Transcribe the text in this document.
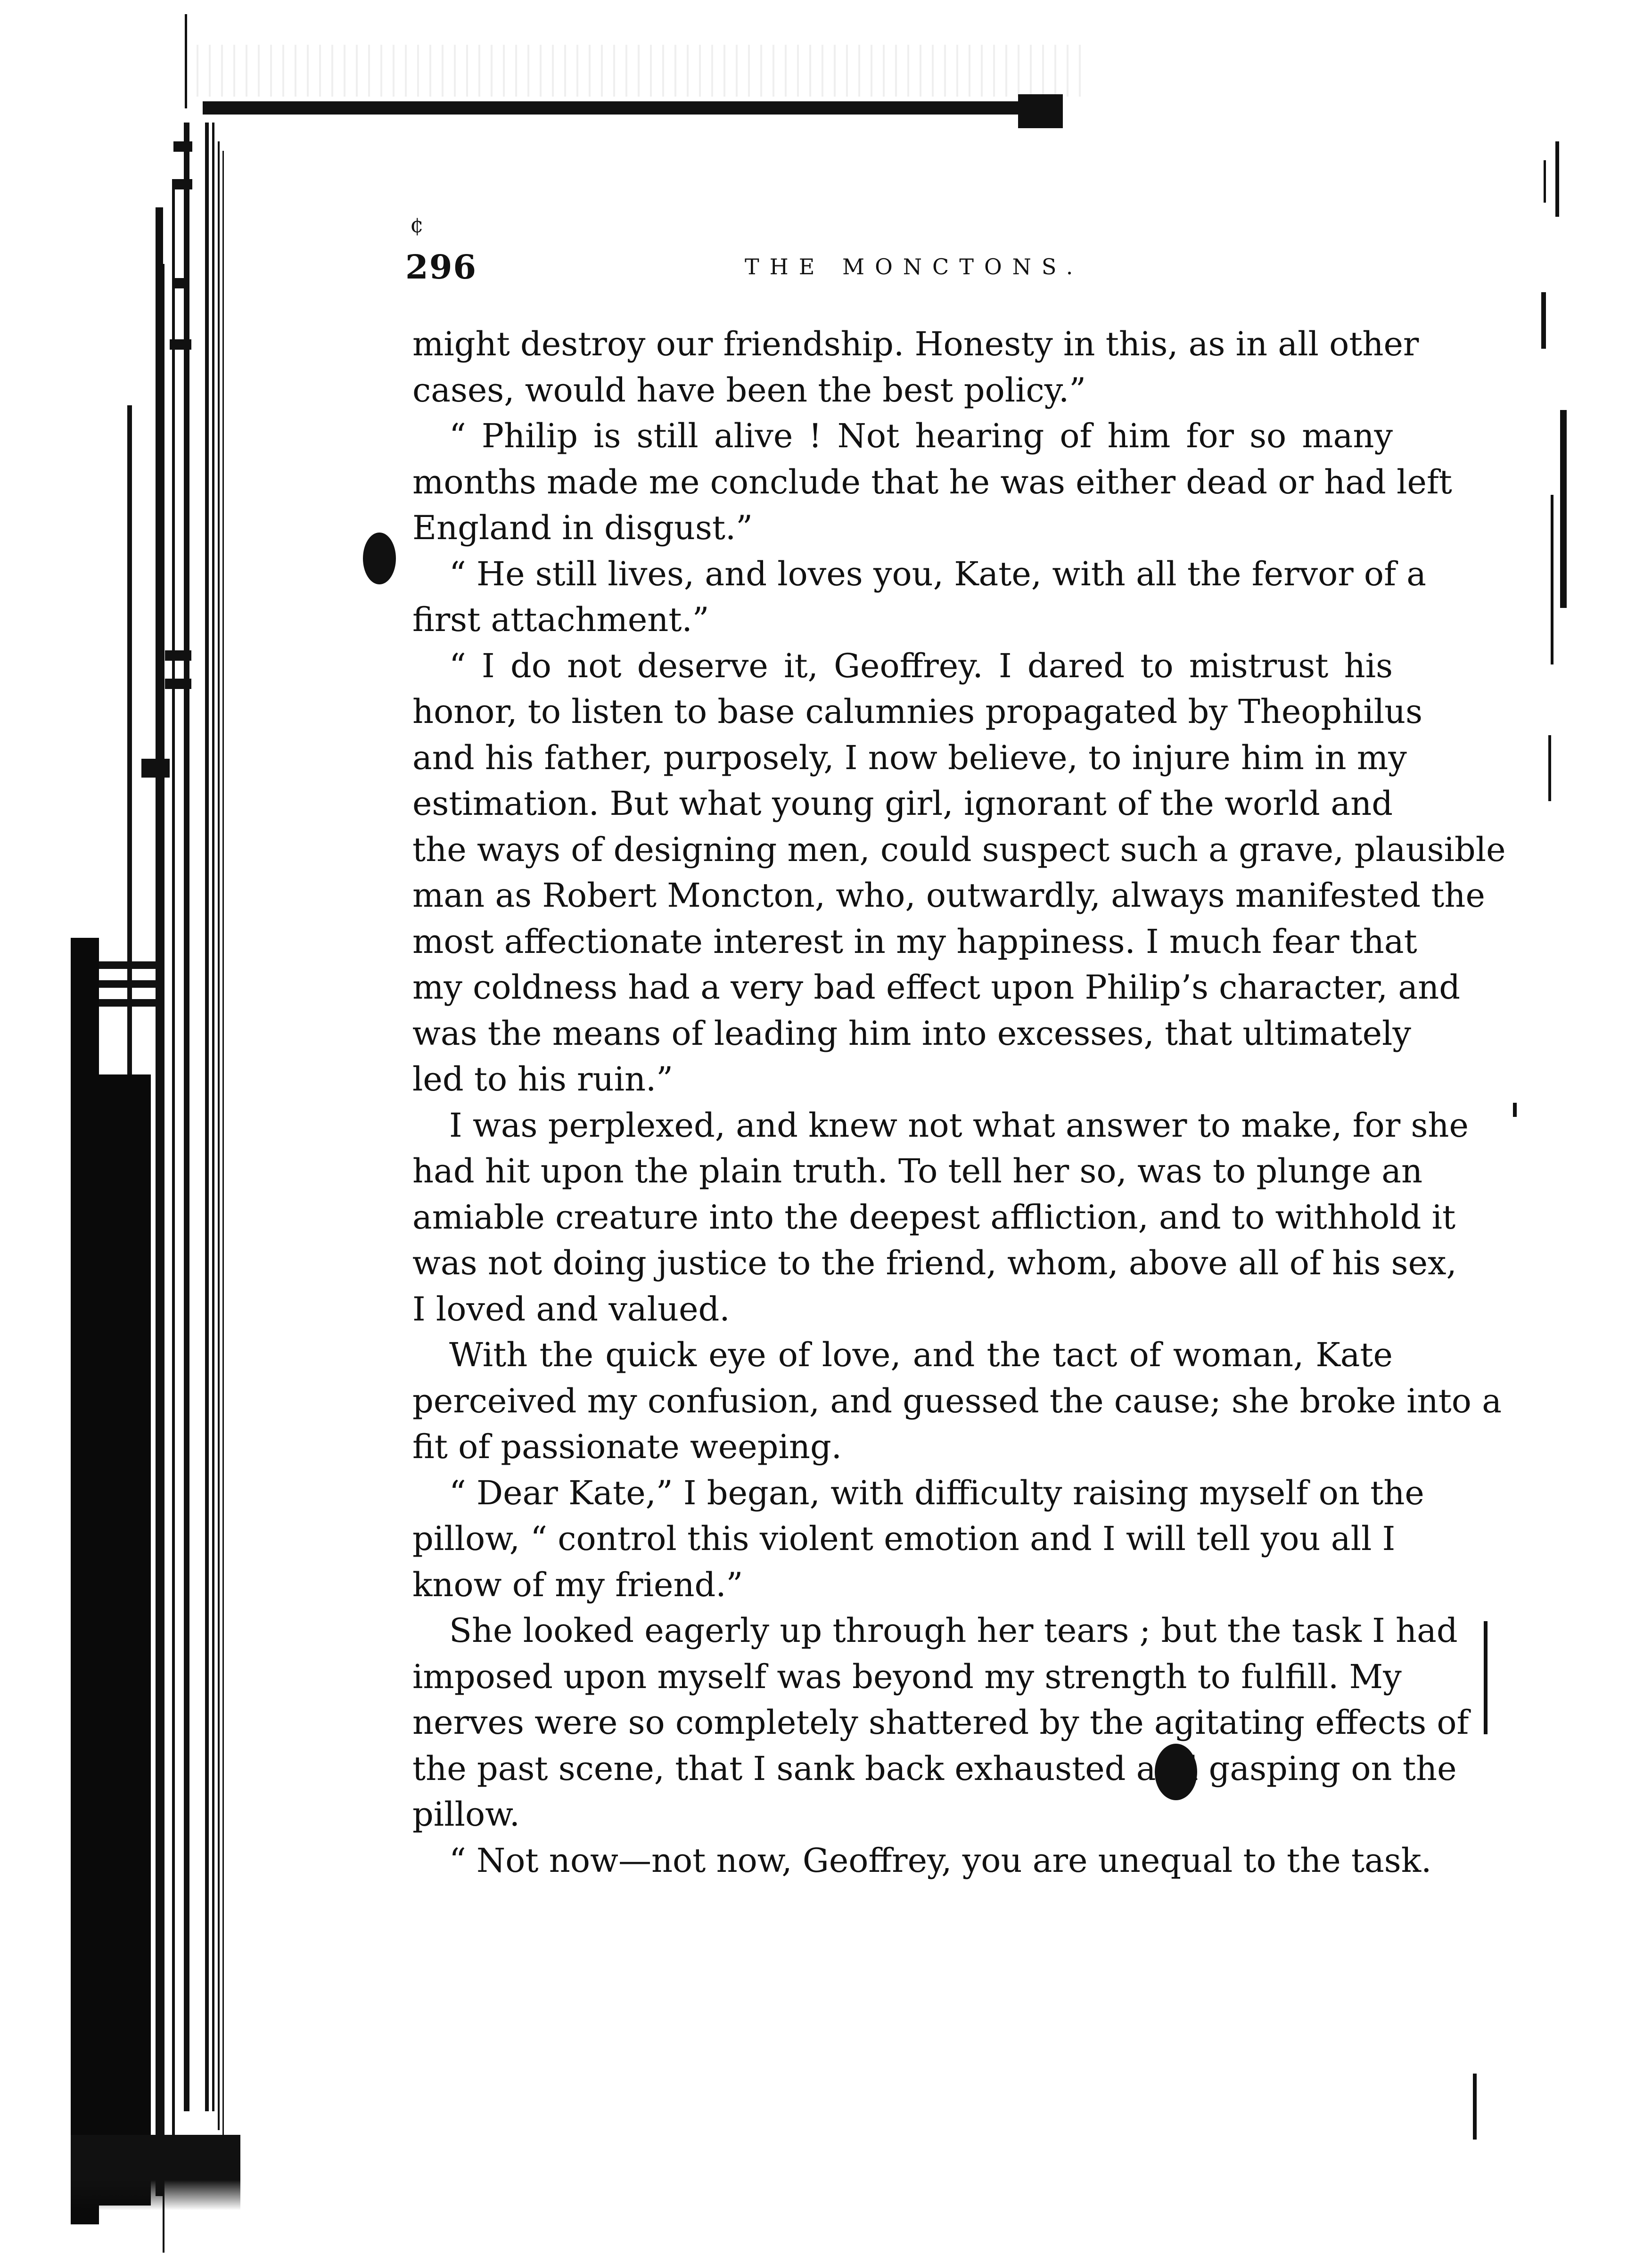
¢
296	THE MONCTONS.
might destroy our friendship. Honesty in this, as in all other
cases, would have been the best policy.”
“ Philip is still alive ! Not hearing of him for so many
months made me conclude that he was either dead or had left
England in disgust.”
“ He still lives, and loves you, Kate, with all the fervor of a
first attachment.”
“ I do not deserve it, Geoffrey. I dared to mistrust his
honor, to listen to base calumnies propagated by Theophilus
and his father, purposely, I now believe, to injure him in my
estimation. But what young girl, ignorant of the world and
the ways of designing men, could suspect such a grave, plausible
man as Robert Moncton, who, outwardly, always manifested the
most affectionate interest in my happiness. I much fear that
my coldness had a very bad effect upon Philip’s character, and
was the means of leading him into excesses, that ultimately
led to his ruin.”
I was perplexed, and knew not what answer to make, for she
had hit upon the plain truth. To tell her so, was to plunge an
amiable creature into the deepest affliction, and to withhold it
was not doing justice to the friend, whom, above all of his sex,
I loved and valued.
With the quick eye of love, and the tact of woman, Kate
perceived my confusion, and guessed the cause; she broke into a
fit of passionate weeping.
“ Dear Kate,” I began, with difficulty raising myself on the
pillow, “ control this violent emotion and I will tell you all I
know of my friend.”
She looked eagerly up through her tears ; but the task I had
imposed upon myself was beyond my strength to fulfill. My
nerves were so completely shattered by the agitating effects of
the past scene, that I sank back exhausted and gasping on the
pillow.
“ Not now—not now, Geoffrey, you are unequal to the task.
